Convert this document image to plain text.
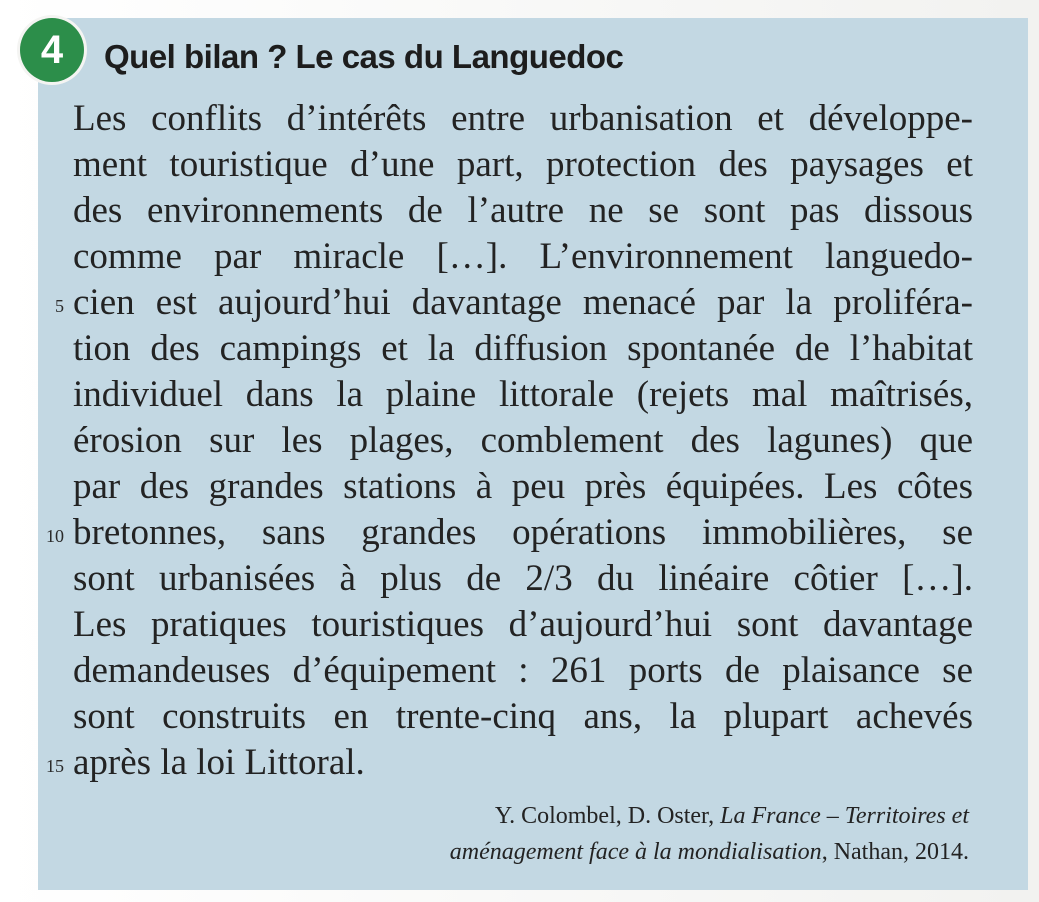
4	Quel bilan ? Le cas du Languedoc
Les conflits d’intérêts entre urbanisation et développe-
ment touristique d’une part, protection des paysages et
des environnements de l’autre ne se sont pas dissous
comme par miracle […]. L’environnement languedo-
cien est aujourd’hui davantage menacé par la proliféra-
tion des campings et la diffusion spontanée de l’habitat
individuel dans la plaine littorale (rejets mal maîtrisés,
érosion sur les plages, comblement des lagunes) que
par des grandes stations à peu près équipées. Les côtes
bretonnes, sans grandes opérations immobilières, se
sont urbanisées à plus de 2/3 du linéaire côtier […].
Les pratiques touristiques d’aujourd’hui sont davantage
demandeuses d’équipement : 261 ports de plaisance se
sont construits en trente-cinq ans, la plupart achevés
après la loi Littoral.
5
10
15
Y. Colombel, D. Oster, La France – Territoires et
aménagement face à la mondialisation, Nathan, 2014.
